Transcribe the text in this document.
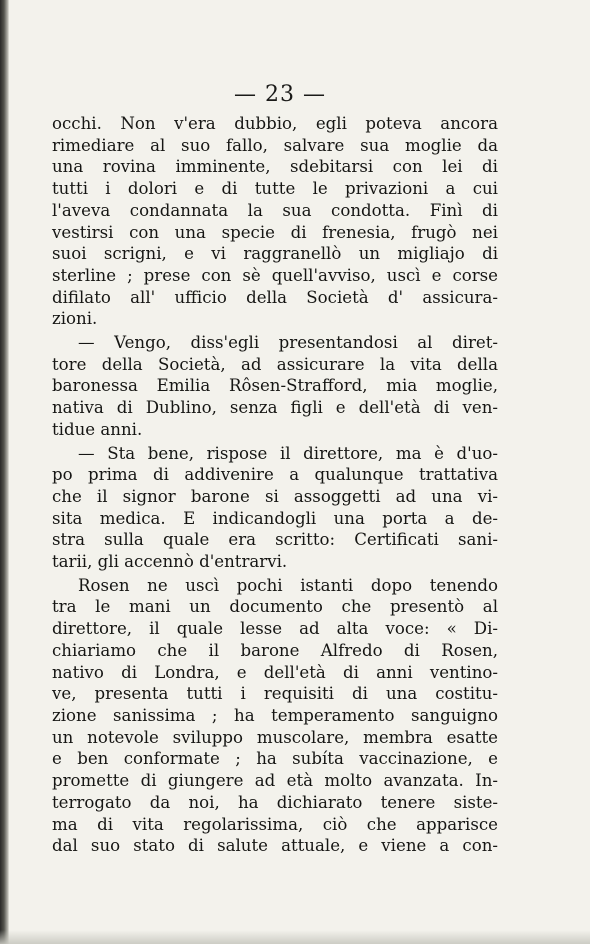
— 23 —
occhi. Non v'era dubbio, egli poteva ancora
rimediare al suo fallo, salvare sua moglie da
una rovina imminente, sdebitarsi con lei di
tutti i dolori e di tutte le privazioni a cui
l'aveva condannata la sua condotta. Finì di
vestirsi con una specie di frenesia, frugò nei
suoi scrigni, e vi raggranellò un migliajo di
sterline ; prese con sè quell'avviso, uscì e corse
difilato all' ufficio della Società d' assicura-
zioni.
— Vengo, diss'egli presentandosi al diret-
tore della Società, ad assicurare la vita della
baronessa Emilia Rôsen-Strafford, mia moglie,
nativa di Dublino, senza figli e dell'età di ven-
tidue anni.
— Sta bene, rispose il direttore, ma è d'uo-
po prima di addivenire a qualunque trattativa
che il signor barone si assoggetti ad una vi-
sita medica. E indicandogli una porta a de-
stra sulla quale era scritto: Certificati sani-
tarii, gli accennò d'entrarvi.
Rosen ne uscì pochi istanti dopo tenendo
tra le mani un documento che presentò al
direttore, il quale lesse ad alta voce: « Di-
chiariamo che il barone Alfredo di Rosen,
nativo di Londra, e dell'età di anni ventino-
ve, presenta tutti i requisiti di una costitu-
zione sanissima ; ha temperamento sanguigno
un notevole sviluppo muscolare, membra esatte
e ben conformate ; ha subíta vaccinazione, e
promette di giungere ad età molto avanzata. In-
terrogato da noi, ha dichiarato tenere siste-
ma di vita regolarissima, ciò che apparisce
dal suo stato di salute attuale, e viene a con-
